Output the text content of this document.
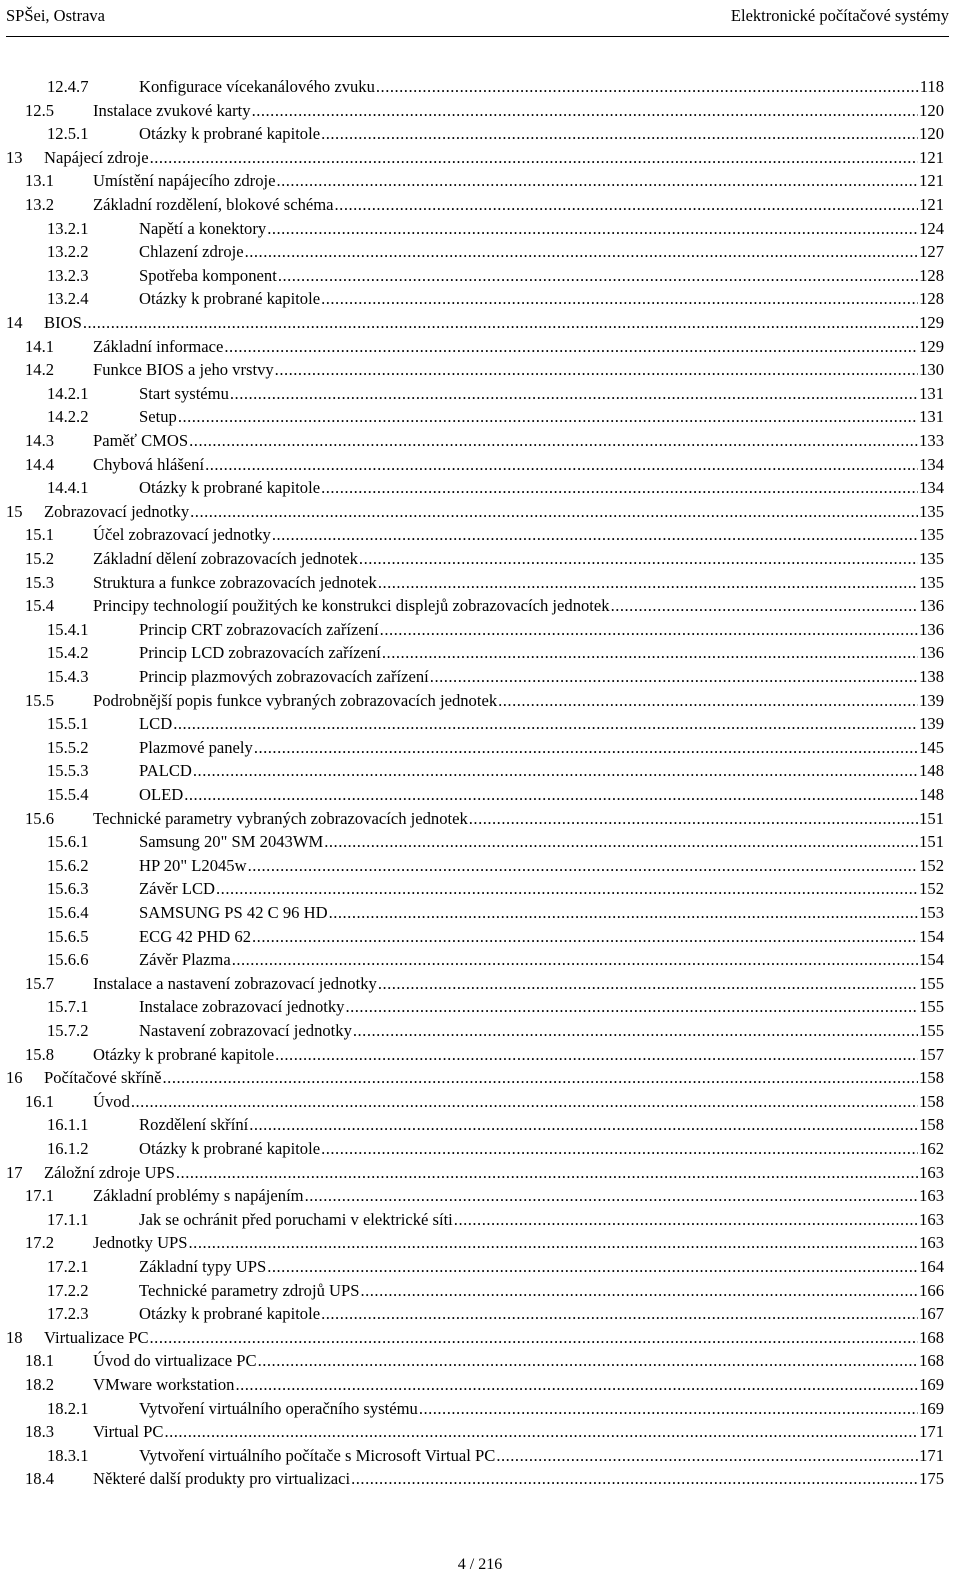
SPŠei, Ostrava	Elektronické počítačové systémy
12.4.7	Konfigurace vícekanálového zvuku .....	118
12.5 Instalace zvukové karty .....	120
12.5.1	Otázky k probrané kapitole .....	120
13 Napájecí zdroje .....	121
13.1 Umístění napájecího zdroje .....	121
13.2 Základní rozdělení, blokové schéma .....	121
13.2.1	Napětí a konektory .....	124
13.2.2	Chlazení zdroje .....	127
13.2.3	Spotřeba komponent .....	128
13.2.4	Otázky k probrané kapitole .....	128
14 BIOS .....	129
14.1 Základní informace .....	129
14.2 Funkce BIOS a jeho vrstvy .....	130
14.2.1	Start systému .....	131
14.2.2	Setup .....	131
14.3 Paměť CMOS .....	133
14.4 Chybová hlášení .....	134
14.4.1	Otázky k probrané kapitole .....	134
15 Zobrazovací jednotky .....	135
15.1 Účel zobrazovací jednotky .....	135
15.2 Základní dělení zobrazovacích jednotek .....	135
15.3 Struktura a funkce zobrazovacích jednotek .....	135
15.4 Principy technologií použitých ke konstrukci displejů zobrazovacích jednotek .....	136
15.4.1	Princip CRT zobrazovacích zařízení .....	136
15.4.2	Princip LCD zobrazovacích zařízení .....	136
15.4.3	Princip plazmových zobrazovacích zařízení .....	138
15.5 Podrobnější popis funkce vybraných zobrazovacích jednotek .....	139
15.5.1	LCD .....	139
15.5.2	Plazmové panely .....	145
15.5.3	PALCD .....	148
15.5.4	OLED .....	148
15.6 Technické parametry vybraných zobrazovacích jednotek .....	151
15.6.1	Samsung 20" SM 2043WM .....	151
15.6.2	HP 20" L2045w .....	152
15.6.3	Závěr LCD .....	152
15.6.4	SAMSUNG PS 42 C 96 HD .....	153
15.6.5	ECG 42 PHD 62 .....	154
15.6.6	Závěr Plazma .....	154
15.7 Instalace a nastavení zobrazovací jednotky .....	155
15.7.1	Instalace zobrazovací jednotky .....	155
15.7.2	Nastavení zobrazovací jednotky .....	155
15.8 Otázky k probrané kapitole .....	157
16 Počítačové skříně .....	158
16.1 Úvod .....	158
16.1.1	Rozdělení skříní .....	158
16.1.2	Otázky k probrané kapitole .....	162
17 Záložní zdroje UPS .....	163
17.1 Základní problémy s napájením .....	163
17.1.1	Jak se ochránit před poruchami v elektrické síti .....	163
17.2 Jednotky UPS .....	163
17.2.1	Základní typy UPS .....	164
17.2.2	Technické parametry zdrojů UPS .....	166
17.2.3	Otázky k probrané kapitole .....	167
18 Virtualizace PC .....	168
18.1 Úvod do virtualizace PC .....	168
18.2 VMware workstation .....	169
18.2.1	Vytvoření virtuálního operačního systému .....	169
18.3 Virtual PC .....	171
18.3.1	Vytvoření virtuálního počítače s Microsoft Virtual PC .....	171
18.4 Některé další produkty pro virtualizaci .....	175
4 / 216
